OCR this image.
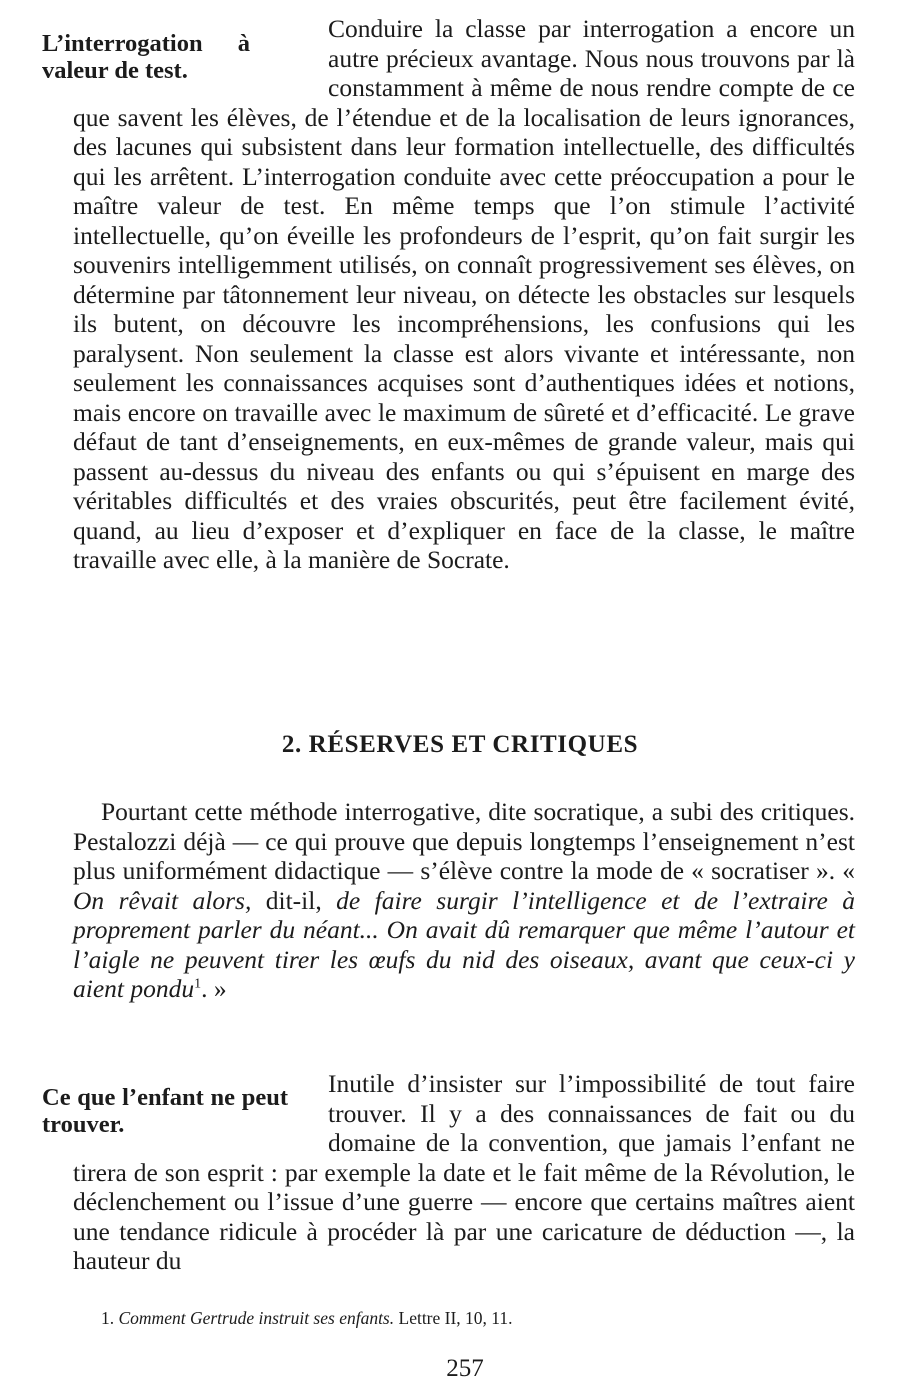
L’interrogation à valeur de test.
Conduire la classe par interrogation a encore un autre précieux avantage. Nous nous trouvons par là constamment à même de nous rendre compte de ce que savent les élèves, de l’étendue et de la localisation de leurs ignorances, des lacunes qui subsistent dans leur formation intellectuelle, des difficultés qui les arrêtent. L’interrogation conduite avec cette préoccupation a pour le maître valeur de test. En même temps que l’on stimule l’activité intellectuelle, qu’on éveille les profondeurs de l’esprit, qu’on fait surgir les souvenirs intelligemment utilisés, on connaît progressivement ses élèves, on détermine par tâtonnement leur niveau, on détecte les obstacles sur lesquels ils butent, on découvre les incompréhensions, les confusions qui les paralysent. Non seulement la classe est alors vivante et intéressante, non seulement les connaissances acquises sont d’authentiques idées et notions, mais encore on travaille avec le maximum de sûreté et d’efficacité. Le grave défaut de tant d’enseignements, en eux-mêmes de grande valeur, mais qui passent au-dessus du niveau des enfants ou qui s’épuisent en marge des véritables difficultés et des vraies obscurités, peut être facilement évité, quand, au lieu d’exposer et d’expliquer en face de la classe, le maître travaille avec elle, à la manière de Socrate.
2. RÉSERVES ET CRITIQUES
Pourtant cette méthode interrogative, dite socratique, a subi des critiques. Pestalozzi déjà — ce qui prouve que depuis longtemps l’enseignement n’est plus uniformément didactique — s’élève contre la mode de « socratiser ». « On rêvait alors, dit-il, de faire surgir l’intelligence et de l’extraire à proprement parler du néant... On avait dû remarquer que même l’autour et l’aigle ne peuvent tirer les œufs du nid des oiseaux, avant que ceux-ci y aient pondu$^1$. »
Ce que l’enfant ne peut trouver.
Inutile d’insister sur l’impossibilité de tout faire trouver. Il y a des connaissances de fait ou du domaine de la convention, que jamais l’enfant ne tirera de son esprit : par exemple la date et le fait même de la Révolution, le déclenchement ou l’issue d’une guerre — encore que certains maîtres aient une tendance ridicule à procéder là par une caricature de déduction —, la hauteur du
1. Comment Gertrude instruit ses enfants. Lettre II, 10, 11.
257
